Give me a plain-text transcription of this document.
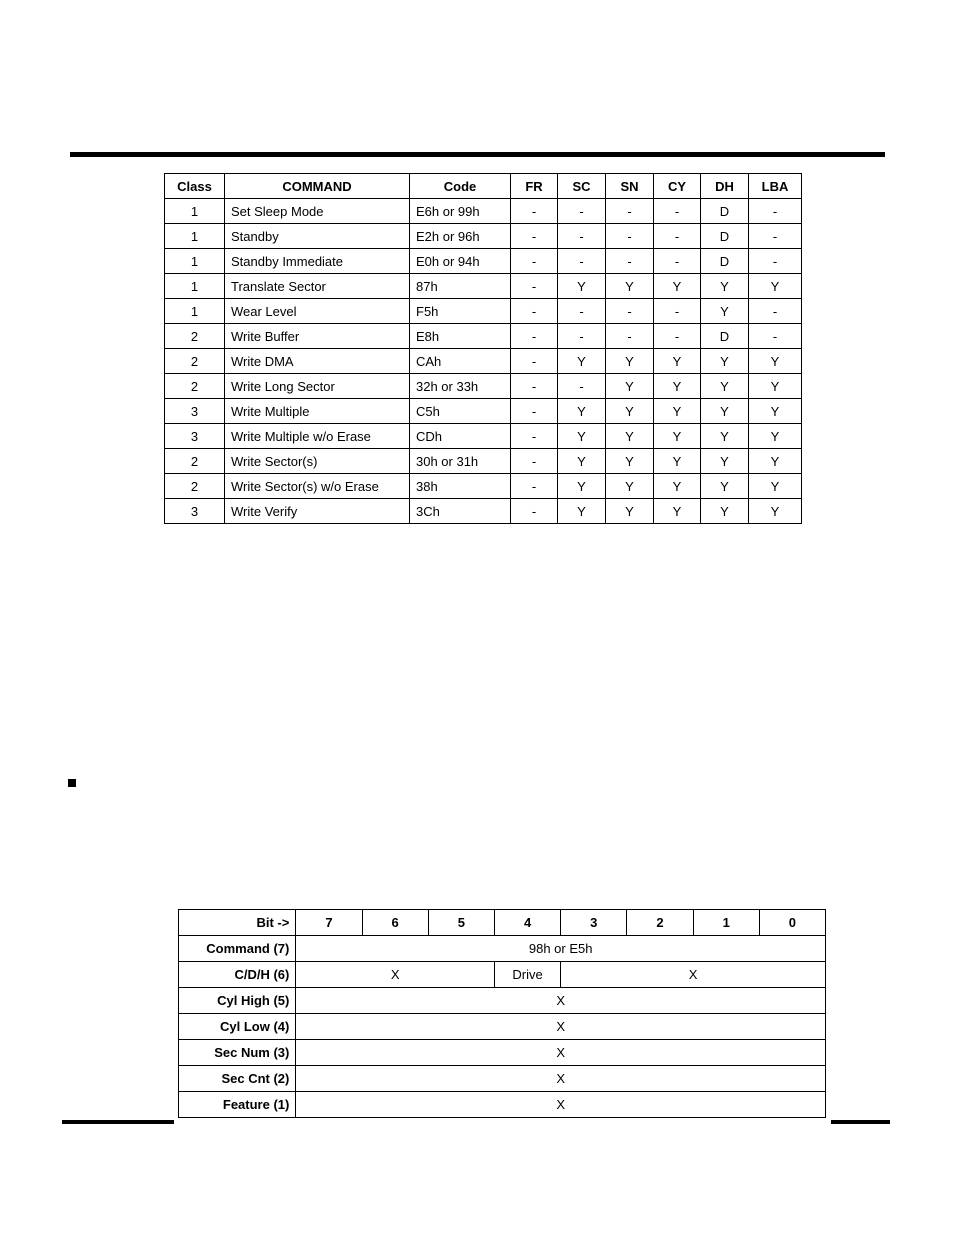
Class	COMMAND	Code	FR	SC	SN	CY	DH	LBA
1	Set Sleep Mode	E6h or 99h	-	-	-	-	D	-
1	Standby	E2h or 96h	-	-	-	-	D	-
1	Standby Immediate	E0h or 94h	-	-	-	-	D	-
1	Translate Sector	87h	-	Y	Y	Y	Y	Y
1	Wear Level	F5h	-	-	-	-	Y	-
2	Write Buffer	E8h	-	-	-	-	D	-
2	Write DMA	CAh	-	Y	Y	Y	Y	Y
2	Write Long Sector	32h or 33h	-	-	Y	Y	Y	Y
3	Write Multiple	C5h	-	Y	Y	Y	Y	Y
3	Write Multiple w/o Erase	CDh	-	Y	Y	Y	Y	Y
2	Write Sector(s)	30h or 31h	-	Y	Y	Y	Y	Y
2	Write Sector(s) w/o Erase	38h	-	Y	Y	Y	Y	Y
3	Write Verify	3Ch	-	Y	Y	Y	Y	Y
Bit ->	7	6	5	4	3	2	1	0
Command (7)	98h or E5h							
C/D/H (6)	X			Drive	X			
Cyl High (5)	X							
Cyl Low (4)	X							
Sec Num (3)	X							
Sec Cnt (2)	X							
Feature (1)	X							
